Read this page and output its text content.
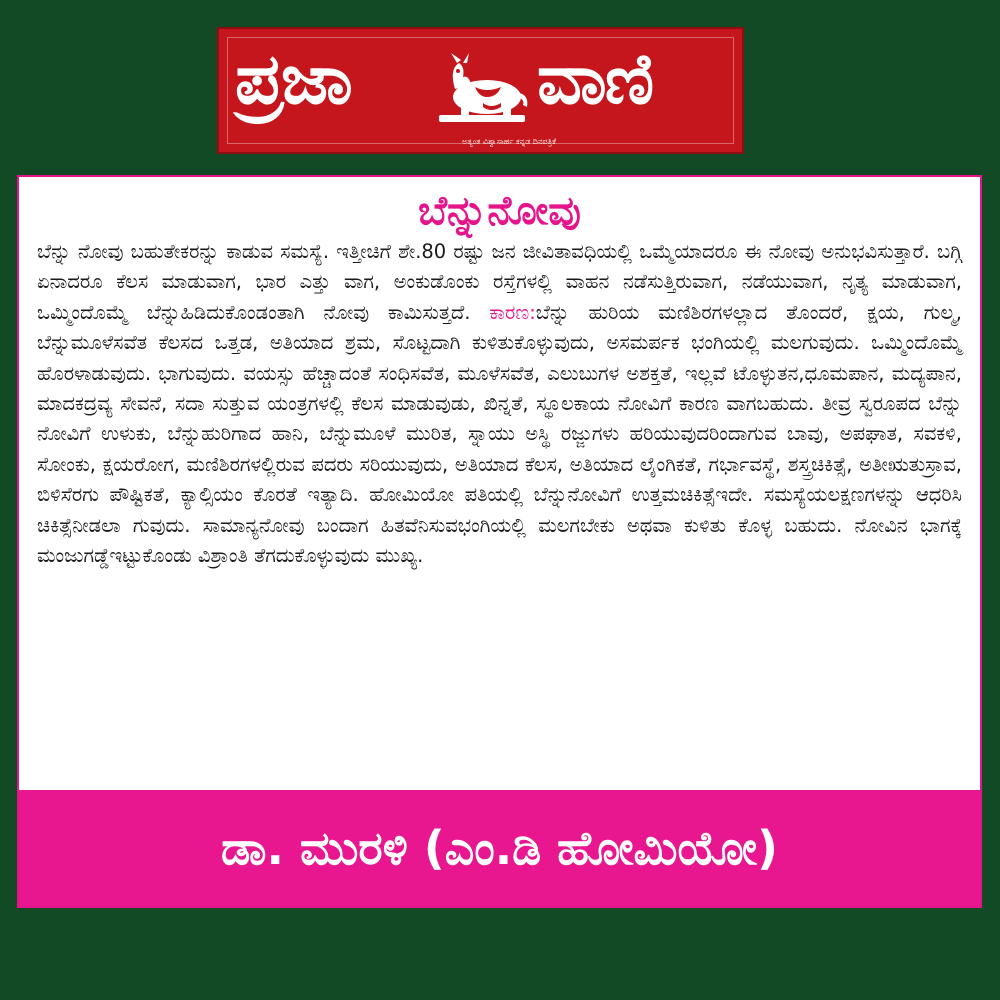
ಪ್ರಜಾ	ವಾಣಿ
ಅತ್ಯಂತ ವಿಶ್ವಾಸಾರ್ಹ ಕನ್ನಡ ದಿನಪತ್ರಿಕೆ
ಬೆನ್ನುನೋವು

ಬೆನ್ನು ನೋವು ಬಹುತೇಕರನ್ನು ಕಾಡುವ ಸಮಸ್ಯೆ. ಇತ್ತೀಚಿಗೆ ಶೇ.80 ರಷ್ಟು ಜನ ಜೀವಿತಾವಧಿಯಲ್ಲಿ ಒಮ್ಮೆಯಾದರೂ ಈ ನೋವು ಅನುಭವಿಸುತ್ತಾರೆ. ಬಗ್ಗಿ ಏನಾದರೂ ಕೆಲಸ ಮಾಡುವಾಗ, ಭಾರ ಎತ್ತು ವಾಗ, ಅಂಕುಡೊಂಕು ರಸ್ತೆಗಳಲ್ಲಿ ವಾಹನ ನಡೆಸುತ್ತಿರುವಾಗ, ನಡೆಯುವಾಗ, ನೃತ್ಯ ಮಾಡುವಾಗ, ಒಮ್ಮಿಂದೊಮ್ಮೆ ಬೆನ್ನುಹಿಡಿದುಕೊಂಡಂತಾಗಿ ನೋವು ಕಾಮಿಸುತ್ತದೆ. ಕಾರಣ:ಬೆನ್ನು ಹುರಿಯ ಮಣಿಶಿರಗಳಲ್ಲಾದ ತೊಂದರೆ, ಕ್ಷಯ, ಗುಲ್ಮ, ಬೆನ್ನುಮೂಳೆಸವೆತ ಕೆಲಸದ ಒತ್ತಡ, ಅತಿಯಾದ ಶ್ರಮ, ಸೊಟ್ಟದಾಗಿ ಕುಳಿತುಕೊಳ್ಳುವುದು, ಅಸಮರ್ಪಕ ಭಂಗಿಯಲ್ಲಿ ಮಲಗುವುದು. ಒಮ್ಮಿಂದೊಮ್ಮೆ ಹೊರಳಾಡುವುದು. ಭಾಗುವುದು. ವಯಸ್ಸು ಹೆಚ್ಚಾದಂತೆ ಸಂಧಿಸವೆತ, ಮೂಳೆಸವೆತ, ಎಲುಬುಗಳ ಅಶಕ್ತತೆ, ಇಲ್ಲವೆ ಟೊಳ್ಳುತನ,ಧೂಮಪಾನ, ಮದ್ಯಪಾನ, ಮಾದಕದ್ರವ್ಯ ಸೇವನೆ, ಸದಾ ಸುತ್ತುವ ಯಂತ್ರಗಳಲ್ಲಿ ಕೆಲಸ ಮಾಡುವುಡು, ಖಿನ್ನತೆ, ಸ್ಥೂಲಕಾಯ ನೋವಿಗೆ ಕಾರಣ ವಾಗಬಹುದು. ತೀವ್ರ ಸ್ವರೂಪದ ಬೆನ್ನು ನೋವಿಗೆ ಉಳುಕು, ಬೆನ್ನುಹುರಿಗಾದ ಹಾನಿ, ಬೆನ್ನುಮೂಳೆ ಮುರಿತ, ಸ್ನಾಯು ಅಸ್ಥಿ ರಜ್ಜುಗಳು ಹರಿಯುವುದರಿಂದಾಗುವ ಬಾವು, ಅಪಘಾತ, ಸವಕಳಿ, ಸೋಂಕು, ಕ್ಷಯರೋಗ, ಮಣಿಶಿರಗಳಲ್ಲಿರುವ ಪದರು ಸರಿಯುವುದು, ಅತಿಯಾದ ಕೆಲಸ, ಅತಿಯಾದ ಲೈಂಗಿಕತೆ, ಗರ್ಭಾವಸ್ಥೆ, ಶಸ್ತ್ರಚಿಕಿತ್ಸೆ, ಅತೀಋತುಸ್ರಾವ, ಬಿಳಿಸೆರಗು ಪೌಷ್ಟಿಕತೆ, ಕ್ಯಾಲ್ಸಿಯಂ ಕೊರತೆ ಇತ್ಯಾದಿ. ಹೋಮಿಯೋ ಪತಿಯಲ್ಲಿ ಬೆನ್ನುನೋವಿಗೆ ಉತ್ತಮಚಿಕಿತ್ಸೆಇದೇ. ಸಮಸ್ಯೆಯಲಕ್ಷಣಗಳನ್ನು ಆಧರಿಸಿ ಚಿಕಿತ್ಸೆನೀಡಲಾ ಗುವುದು. ಸಾಮಾನ್ಯನೋವು ಬಂದಾಗ ಹಿತವೆನಿಸುವಭಂಗಿಯಲ್ಲಿ ಮಲಗಬೇಕು ಅಥವಾ ಕುಳಿತು ಕೊಳ್ಳ ಬಹುದು. ನೋವಿನ ಭಾಗಕ್ಕೆ ಮಂಜುಗಡ್ಡೆಇಟ್ಟುಕೊಂಡು ವಿಶ್ರಾಂತಿ ತೆಗದುಕೊಳ್ಳುವುದು ಮುಖ್ಯ.

ಡಾ. ಮುರಳಿ (ಎಂ.ಡಿ ಹೋಮಿಯೋ)
